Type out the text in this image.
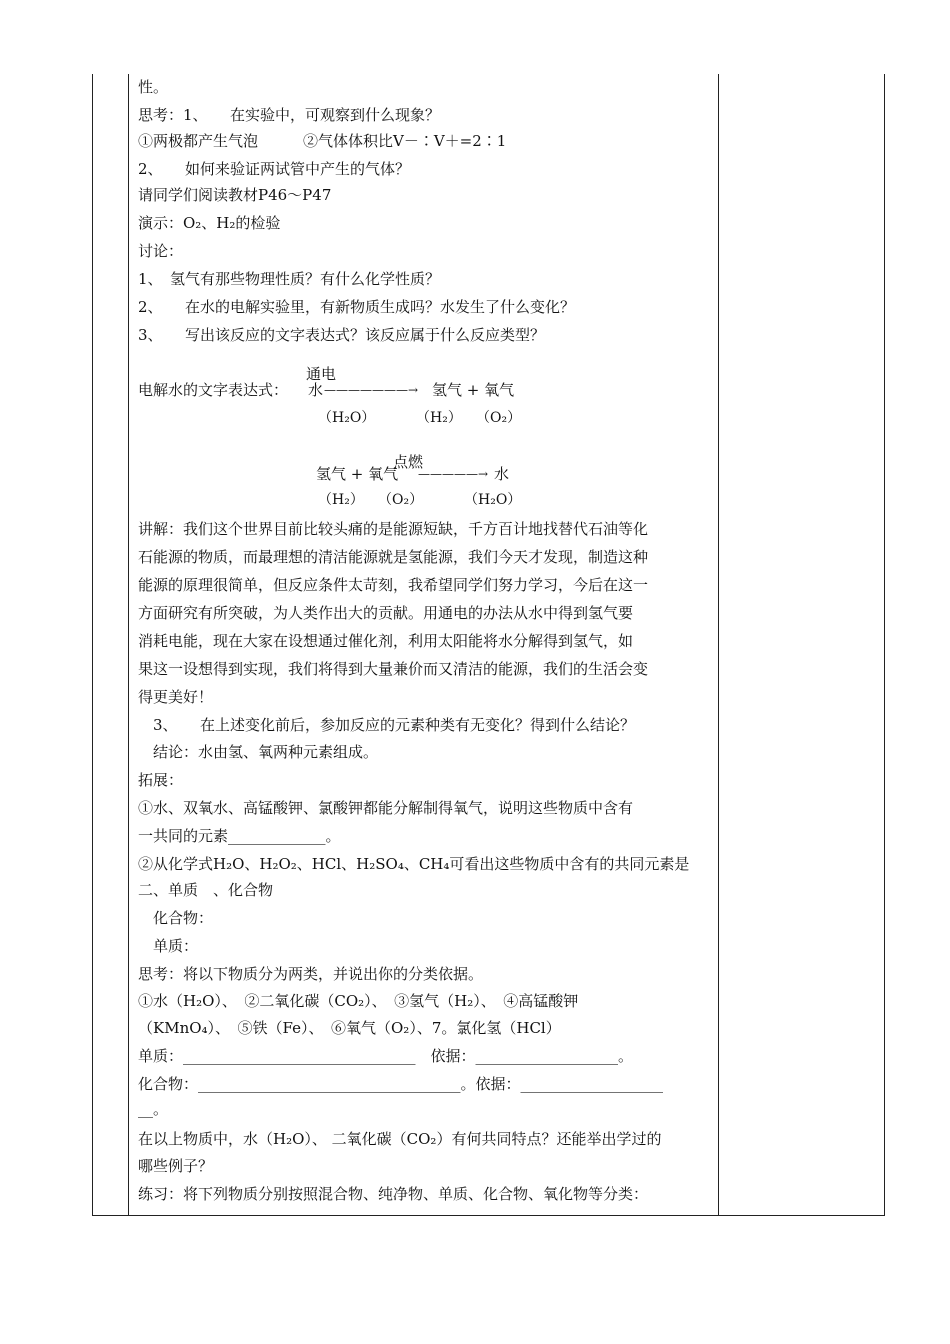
性。
思考：1、　　在实验中，可观察到什么现象？
①两极都产生气泡　　　②气体体积比V－∶V＋=2∶1
2、　　如何来验证两试管中产生的气体？
请同学们阅读教材P46～P47
演示：O₂、H₂的检验
讨论：
1、　氢气有那些物理性质？有什么化学性质？
2、　　在水的电解实验里，有新物质生成吗？水发生了什么变化？
3、　　写出该反应的文字表达式？该反应属于什么反应类型？
通电
电解水的文字表达式： 水 ———————→ 氢气 + 氧气
（H₂O）	（H₂） （O₂）
点燃
氢气 + 氧气 —————→ 水
（H₂） （O₂）	（H₂O）
讲解：我们这个世界目前比较头痛的是能源短缺，千方百计地找替代石油等化
石能源的物质，而最理想的清洁能源就是氢能源，我们今天才发现，制造这种
能源的原理很简单，但反应条件太苛刻，我希望同学们努力学习，今后在这一
方面研究有所突破，为人类作出大的贡献。用通电的办法从水中得到氢气要
消耗电能，现在大家在设想通过催化剂，利用太阳能将水分解得到氢气，如
果这一设想得到实现，我们将得到大量兼价而又清洁的能源，我们的生活会变
得更美好！
　3、　　在上述变化前后，参加反应的元素种类有无变化？得到什么结论？
　结论：水由氢、氧两种元素组成。
拓展：
①水、双氧水、高锰酸钾、氯酸钾都能分解制得氧气，说明这些物质中含有
一共同的元素_____________。
②从化学式H₂O、H₂O₂、HCl、H₂SO₄、CH₄可看出这些物质中含有的共同元素是
二、单质　、化合物
　化合物：
　单质：
思考：将以下物质分为两类，并说出你的分类依据。
①水（H₂O）、　②二氧化碳（CO₂）、　③氢气（H₂）、　④高锰酸钾
（KMnO₄）、　⑤铁（Fe）、　⑥氧气（O₂）、7。氯化氢（HCl）
单质：_______________________________　依据：___________________。
化合物：___________________________________。依据：___________________
__。
在以上物质中，水（H₂O）、 二氧化碳（CO₂）有何共同特点？还能举出学过的
哪些例子？
练习：将下列物质分别按照混合物、纯净物、单质、化合物、氧化物等分类：
